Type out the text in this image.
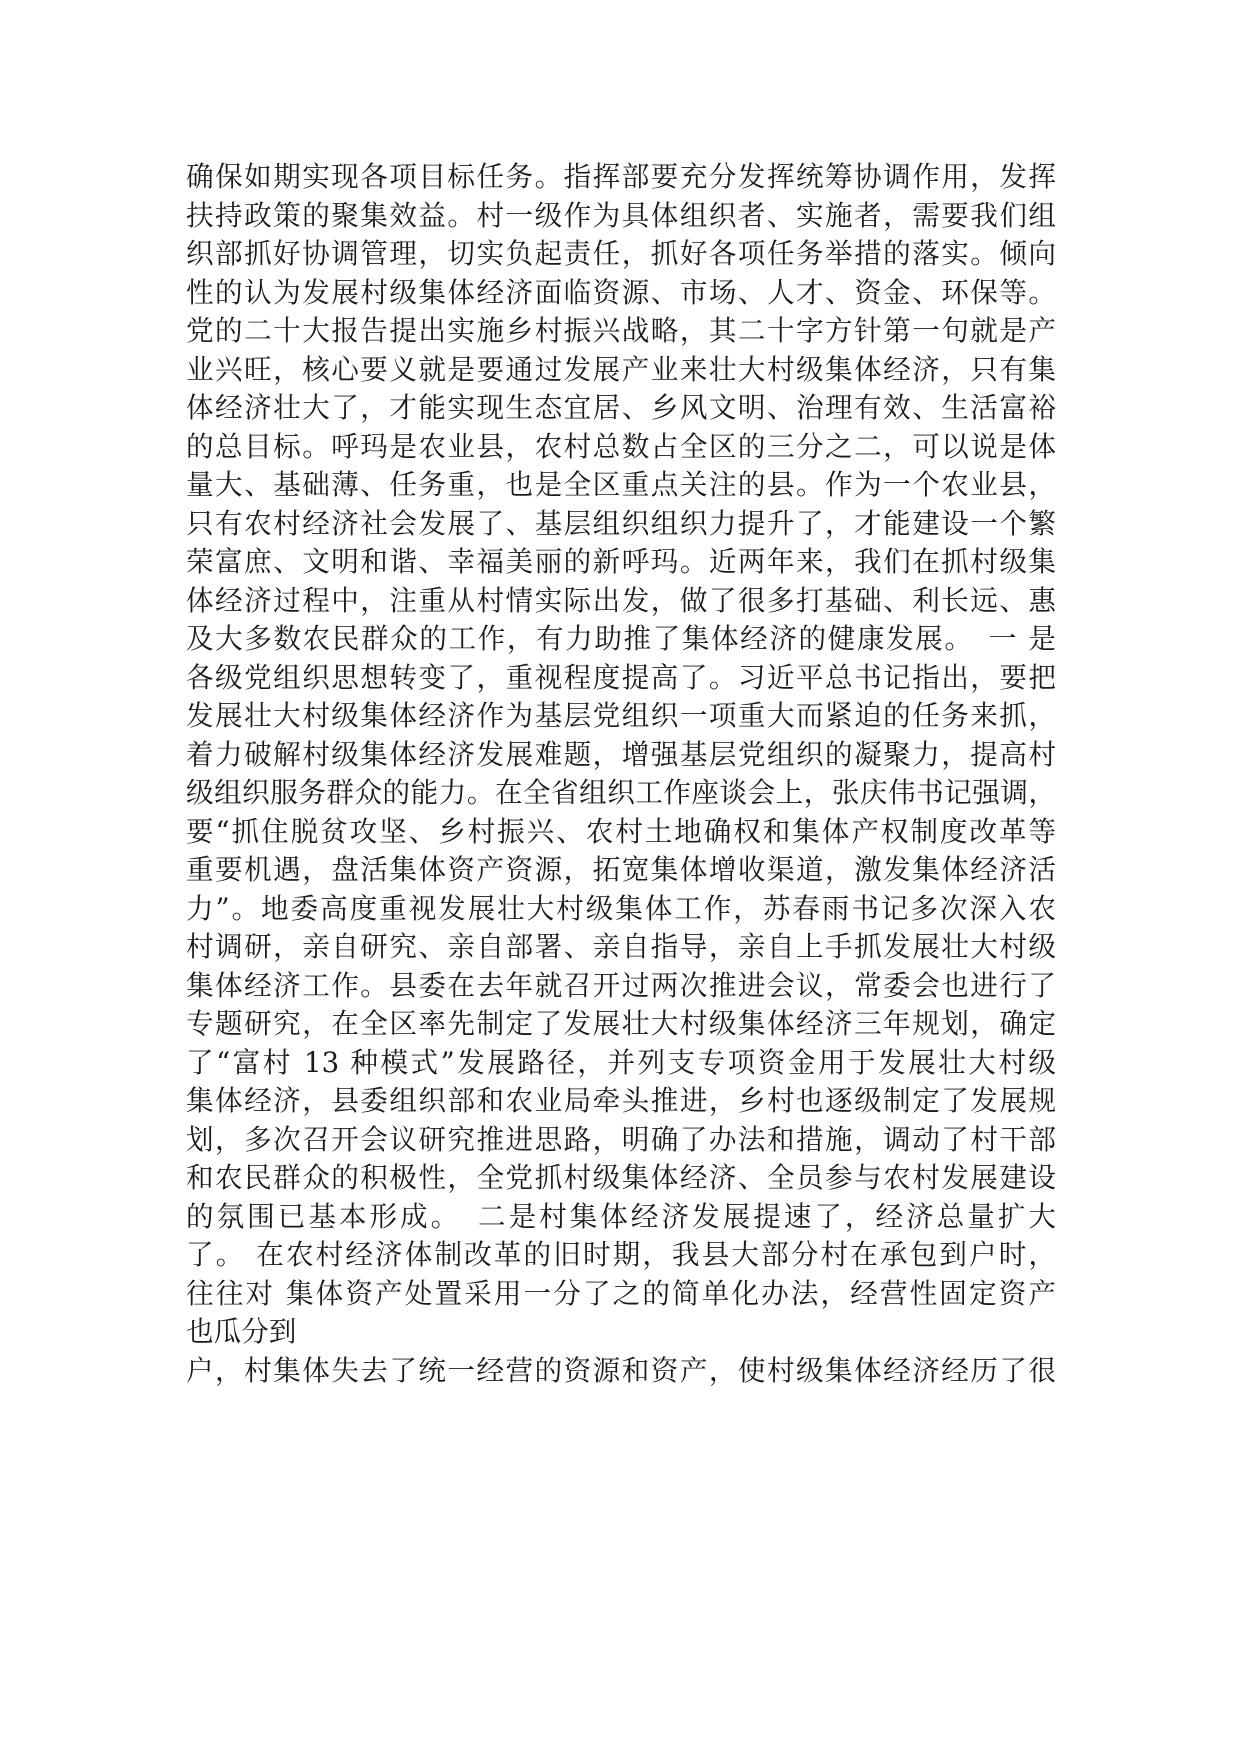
确保如期实现各项目标任务。指挥部要充分发挥统筹协调作用，发挥
扶持政策的聚集效益。村一级作为具体组织者、实施者，需要我们组
织部抓好协调管理，切实负起责任，抓好各项任务举措的落实。倾向
性的认为发展村级集体经济面临资源、市场、人才、资金、环保等。
党的二十大报告提出实施乡村振兴战略，其二十字方针第一句就是产
业兴旺，核心要义就是要通过发展产业来壮大村级集体经济，只有集
体经济壮大了，才能实现生态宜居、乡风文明、治理有效、生活富裕
的总目标。呼玛是农业县，农村总数占全区的三分之二，可以说是体
量大、基础薄、任务重，也是全区重点关注的县。作为一个农业县，
只有农村经济社会发展了、基层组织组织力提升了，才能建设一个繁
荣富庶、文明和谐、幸福美丽的新呼玛。近两年来，我们在抓村级集
体经济过程中，注重从村情实际出发，做了很多打基础、利长远、惠
及大多数农民群众的工作，有力助推了集体经济的健康发展。　一 是
各级党组织思想转变了，重视程度提高了。习近平总书记指出，要把
发展壮大村级集体经济作为基层党组织一项重大而紧迫的任务来抓，
着力破解村级集体经济发展难题，增强基层党组织的凝聚力，提高村
级组织服务群众的能力。在全省组织工作座谈会上，张庆伟书记强调，
要“抓住脱贫攻坚、乡村振兴、农村土地确权和集体产权制度改革等
重要机遇，盘活集体资产资源，拓宽集体增收渠道，激发集体经济活
力”。地委高度重视发展壮大村级集体工作，苏春雨书记多次深入农
村调研，亲自研究、亲自部署、亲自指导，亲自上手抓发展壮大村级
集体经济工作。县委在去年就召开过两次推进会议，常委会也进行了
专题研究，在全区率先制定了发展壮大村级集体经济三年规划，确定
了“富村 13 种模式”发展路径，并列支专项资金用于发展壮大村级
集体经济，县委组织部和农业局牵头推进，乡村也逐级制定了发展规
划，多次召开会议研究推进思路，明确了办法和措施，调动了村干部
和农民群众的积极性，全党抓村级集体经济、全员参与农村发展建设
的氛围已基本形成。　二是村集体经济发展提速了，经济总量扩大
了。 在农村经济体制改革的旧时期，我县大部分村在承包到户时，
往往对 集体资产处置采用一分了之的简单化办法，经营性固定资产
也瓜分到
户，村集体失去了统一经营的资源和资产，使村级集体经济经历了很
